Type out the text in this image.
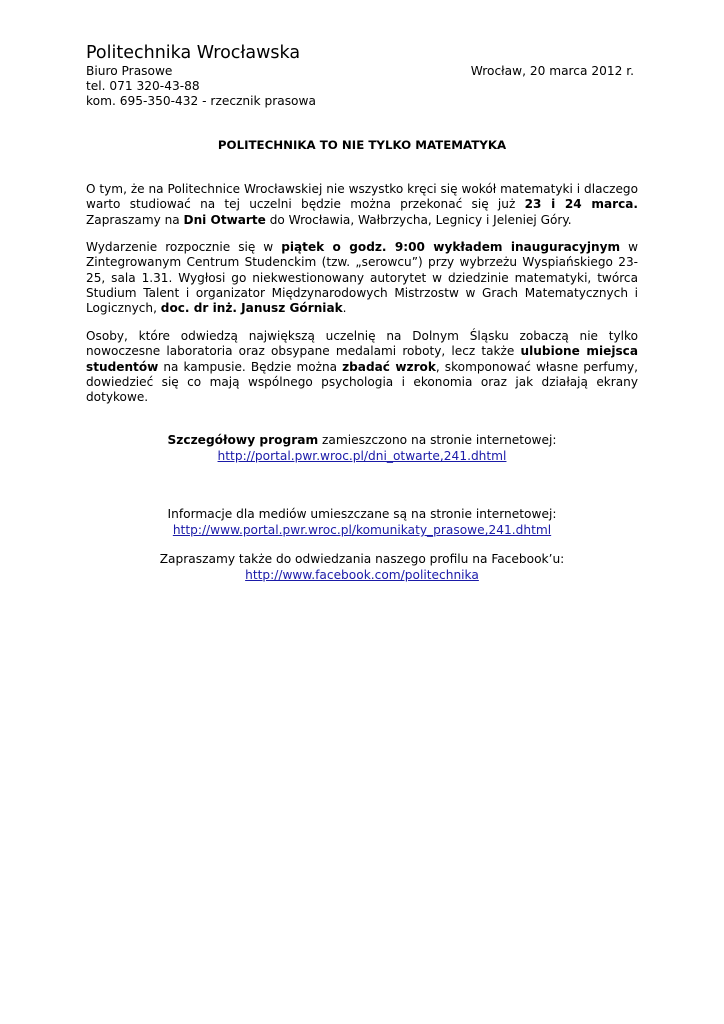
Politechnika Wrocławska
Biuro Prasowe
tel. 071 320-43-88
kom. 695-350-432 - rzecznik prasowa
Wrocław, 20 marca 2012 r.
POLITECHNIKA TO NIE TYLKO MATEMATYKA

O tym, że na Politechnice Wrocławskiej nie wszystko kręci się wokół matematyki i dlaczego warto studiować na tej uczelni będzie można przekonać się już 23 i 24 marca. Zapraszamy na Dni Otwarte do Wrocławia, Wałbrzycha, Legnicy i Jeleniej Góry.

Wydarzenie rozpocznie się w piątek o godz. 9:00 wykładem inauguracyjnym w Zintegrowanym Centrum Studenckim (tzw. „serowcu”) przy wybrzeżu Wyspiańskiego 23-25, sala 1.31. Wygłosi go niekwestionowany autorytet w dziedzinie matematyki, twórca Studium Talent i organizator Międzynarodowych Mistrzostw w Grach Matematycznych i Logicznych, doc. dr inż. Janusz Górniak.

Osoby, które odwiedzą największą uczelnię na Dolnym Śląsku zobaczą nie tylko nowoczesne laboratoria oraz obsypane medalami roboty, lecz także ulubione miejsca studentów na kampusie. Będzie można zbadać wzrok, skomponować własne perfumy, dowiedzieć się co mają wspólnego psychologia i ekonomia oraz jak działają ekrany dotykowe.

Szczegółowy program zamieszczono na stronie internetowej:
http://portal.pwr.wroc.pl/dni_otwarte,241.dhtml
Informacje dla mediów umieszczane są na stronie internetowej:
http://www.portal.pwr.wroc.pl/komunikaty_prasowe,241.dhtml
Zapraszamy także do odwiedzania naszego profilu na Facebook’u:
http://www.facebook.com/politechnika
